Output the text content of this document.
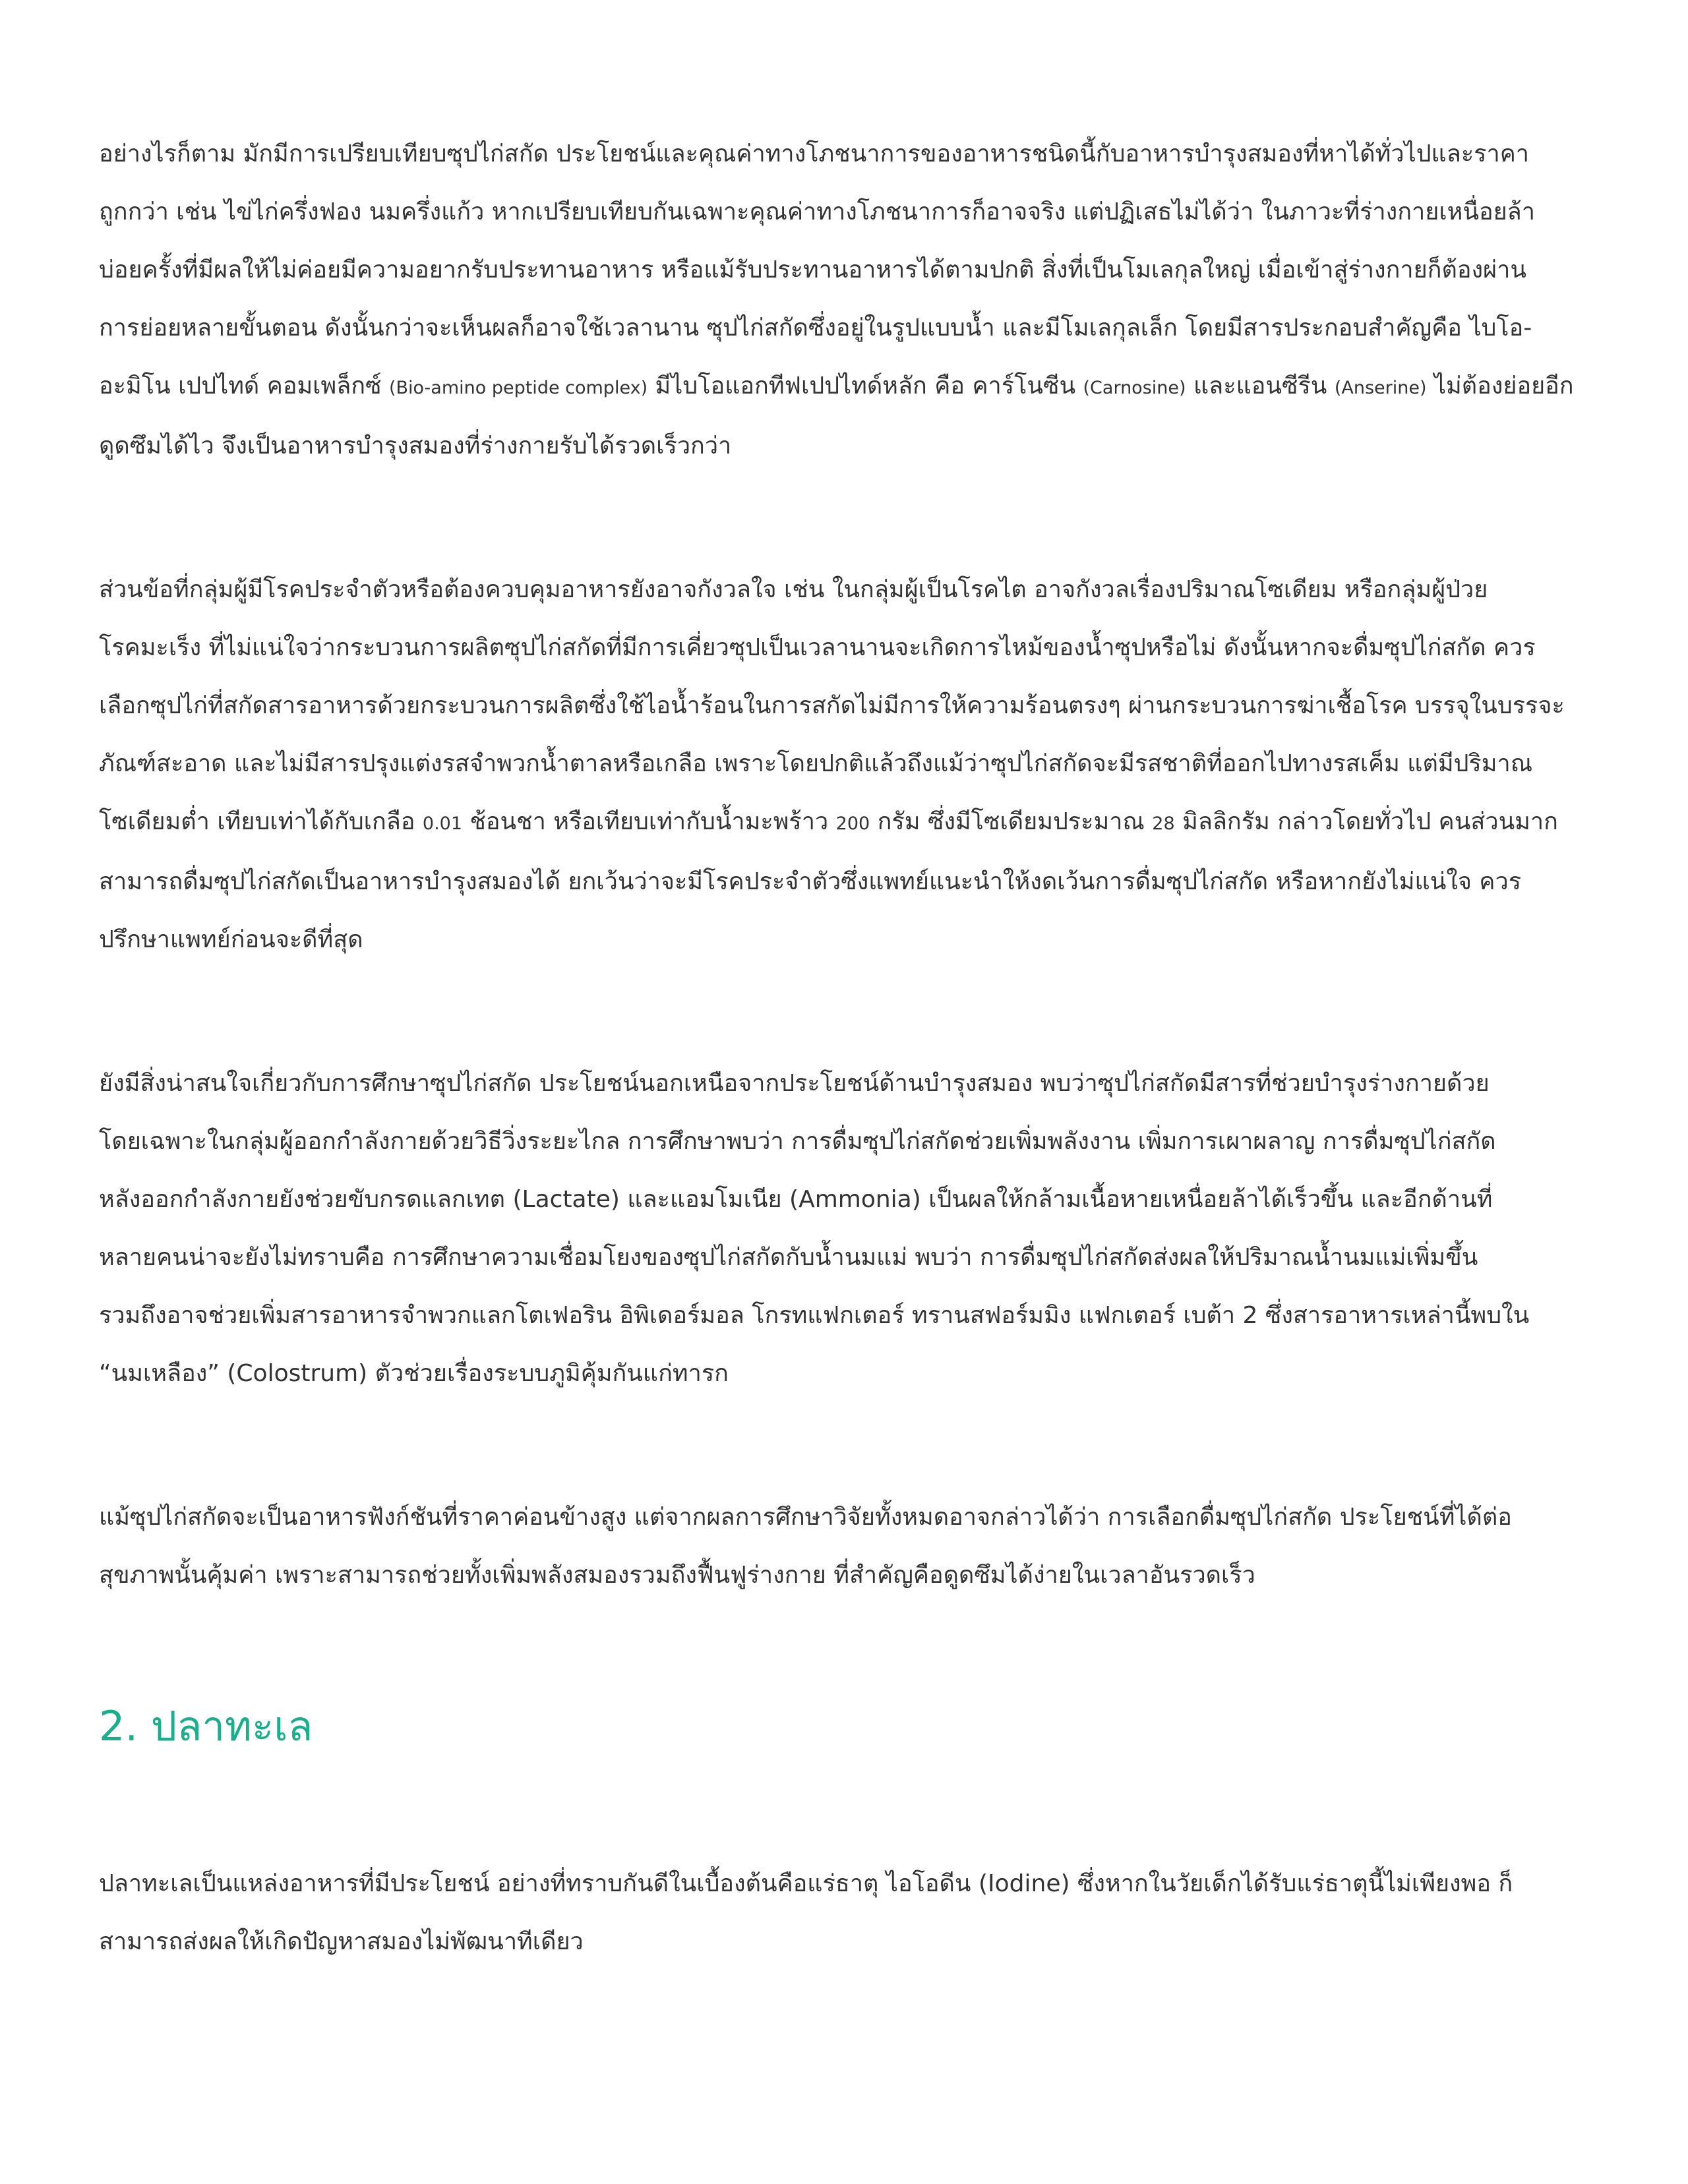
อย่างไรก็ตาม มักมีการเปรียบเทียบซุปไก่สกัด ประโยชน์และคุณค่าทางโภชนาการของอาหารชนิดนี้กับอาหารบำรุงสมองที่หาได้ทั่วไปและราคา
ถูกกว่า เช่น ไข่ไก่ครึ่งฟอง นมครึ่งแก้ว หากเปรียบเทียบกันเฉพาะคุณค่าทางโภชนาการก็อาจจริง แต่ปฏิเสธไม่ได้ว่า ในภาวะที่ร่างกายเหนื่อยล้า
บ่อยครั้งที่มีผลให้ไม่ค่อยมีความอยากรับประทานอาหาร หรือแม้รับประทานอาหารได้ตามปกติ สิ่งที่เป็นโมเลกุลใหญ่ เมื่อเข้าสู่ร่างกายก็ต้องผ่าน
การย่อยหลายขั้นตอน ดังนั้นกว่าจะเห็นผลก็อาจใช้เวลานาน ซุปไก่สกัดซึ่งอยู่ในรูปแบบน้ำ และมีโมเลกุลเล็ก โดยมีสารประกอบสำคัญคือ ไบโอ-
อะมิโน เปปไทด์ คอมเพล็กซ์ (Bio-amino peptide complex) มีไบโอแอกทีฟเปปไทด์หลัก คือ คาร์โนซีน (Carnosine) และแอนซีรีน (Anserine) ไม่ต้องย่อยอีก
ดูดซึมได้ไว จึงเป็นอาหารบำรุงสมองที่ร่างกายรับได้รวดเร็วกว่า

ส่วนข้อที่กลุ่มผู้มีโรคประจำตัวหรือต้องควบคุมอาหารยังอาจกังวลใจ เช่น ในกลุ่มผู้เป็นโรคไต อาจกังวลเรื่องปริมาณโซเดียม หรือกลุ่มผู้ป่วย
โรคมะเร็ง ที่ไม่แน่ใจว่ากระบวนการผลิตซุปไก่สกัดที่มีการเคี่ยวซุปเป็นเวลานานจะเกิดการไหม้ของน้ำซุปหรือไม่ ดังนั้นหากจะดื่มซุปไก่สกัด ควร
เลือกซุปไก่ที่สกัดสารอาหารด้วยกระบวนการผลิตซึ่งใช้ไอน้ำร้อนในการสกัดไม่มีการให้ความร้อนตรงๆ ผ่านกระบวนการฆ่าเชื้อโรค บรรจุในบรรจะ
ภัณฑ์สะอาด และไม่มีสารปรุงแต่งรสจำพวกน้ำตาลหรือเกลือ เพราะโดยปกติแล้วถึงแม้ว่าซุปไก่สกัดจะมีรสชาติที่ออกไปทางรสเค็ม แต่มีปริมาณ
โซเดียมต่ำ เทียบเท่าได้กับเกลือ 0.01 ช้อนชา หรือเทียบเท่ากับน้ำมะพร้าว 200 กรัม ซึ่งมีโซเดียมประมาณ 28 มิลลิกรัม กล่าวโดยทั่วไป คนส่วนมาก
สามารถดื่มซุปไก่สกัดเป็นอาหารบำรุงสมองได้ ยกเว้นว่าจะมีโรคประจำตัวซึ่งแพทย์แนะนำให้งดเว้นการดื่มซุปไก่สกัด หรือหากยังไม่แน่ใจ ควร
ปรึกษาแพทย์ก่อนจะดีที่สุด

ยังมีสิ่งน่าสนใจเกี่ยวกับการศึกษาซุปไก่สกัด ประโยชน์นอกเหนือจากประโยชน์ด้านบำรุงสมอง พบว่าซุปไก่สกัดมีสารที่ช่วยบำรุงร่างกายด้วย
โดยเฉพาะในกลุ่มผู้ออกกำลังกายด้วยวิธีวิ่งระยะไกล การศึกษาพบว่า การดื่มซุปไก่สกัดช่วยเพิ่มพลังงาน เพิ่มการเผาผลาญ การดื่มซุปไก่สกัด
หลังออกกำลังกายยังช่วยขับกรดแลกเทต (Lactate) และแอมโมเนีย (Ammonia) เป็นผลให้กล้ามเนื้อหายเหนื่อยล้าได้เร็วขึ้น และอีกด้านที่
หลายคนน่าจะยังไม่ทราบคือ การศึกษาความเชื่อมโยงของซุปไก่สกัดกับน้ำนมแม่ พบว่า การดื่มซุปไก่สกัดส่งผลให้ปริมาณน้ำนมแม่เพิ่มขึ้น
รวมถึงอาจช่วยเพิ่มสารอาหารจำพวกแลกโตเฟอริน อิพิเดอร์มอล โกรทแฟกเตอร์ ทรานสฟอร์มมิง แฟกเตอร์ เบต้า 2 ซึ่งสารอาหารเหล่านี้พบใน
“นมเหลือง” (Colostrum) ตัวช่วยเรื่องระบบภูมิคุ้มกันแก่ทารก

แม้ซุปไก่สกัดจะเป็นอาหารฟังก์ชันที่ราคาค่อนข้างสูง แต่จากผลการศึกษาวิจัยทั้งหมดอาจกล่าวได้ว่า การเลือกดื่มซุปไก่สกัด ประโยชน์ที่ได้ต่อ
สุขภาพนั้นคุ้มค่า เพราะสามารถช่วยทั้งเพิ่มพลังสมองรวมถึงฟื้นฟูร่างกาย ที่สำคัญคือดูดซึมได้ง่ายในเวลาอันรวดเร็ว

2. ปลาทะเล

ปลาทะเลเป็นแหล่งอาหารที่มีประโยชน์ อย่างที่ทราบกันดีในเบื้องต้นคือแร่ธาตุ ไอโอดีน (Iodine) ซึ่งหากในวัยเด็กได้รับแร่ธาตุนี้ไม่เพียงพอ ก็
สามารถส่งผลให้เกิดปัญหาสมองไม่พัฒนาทีเดียว
